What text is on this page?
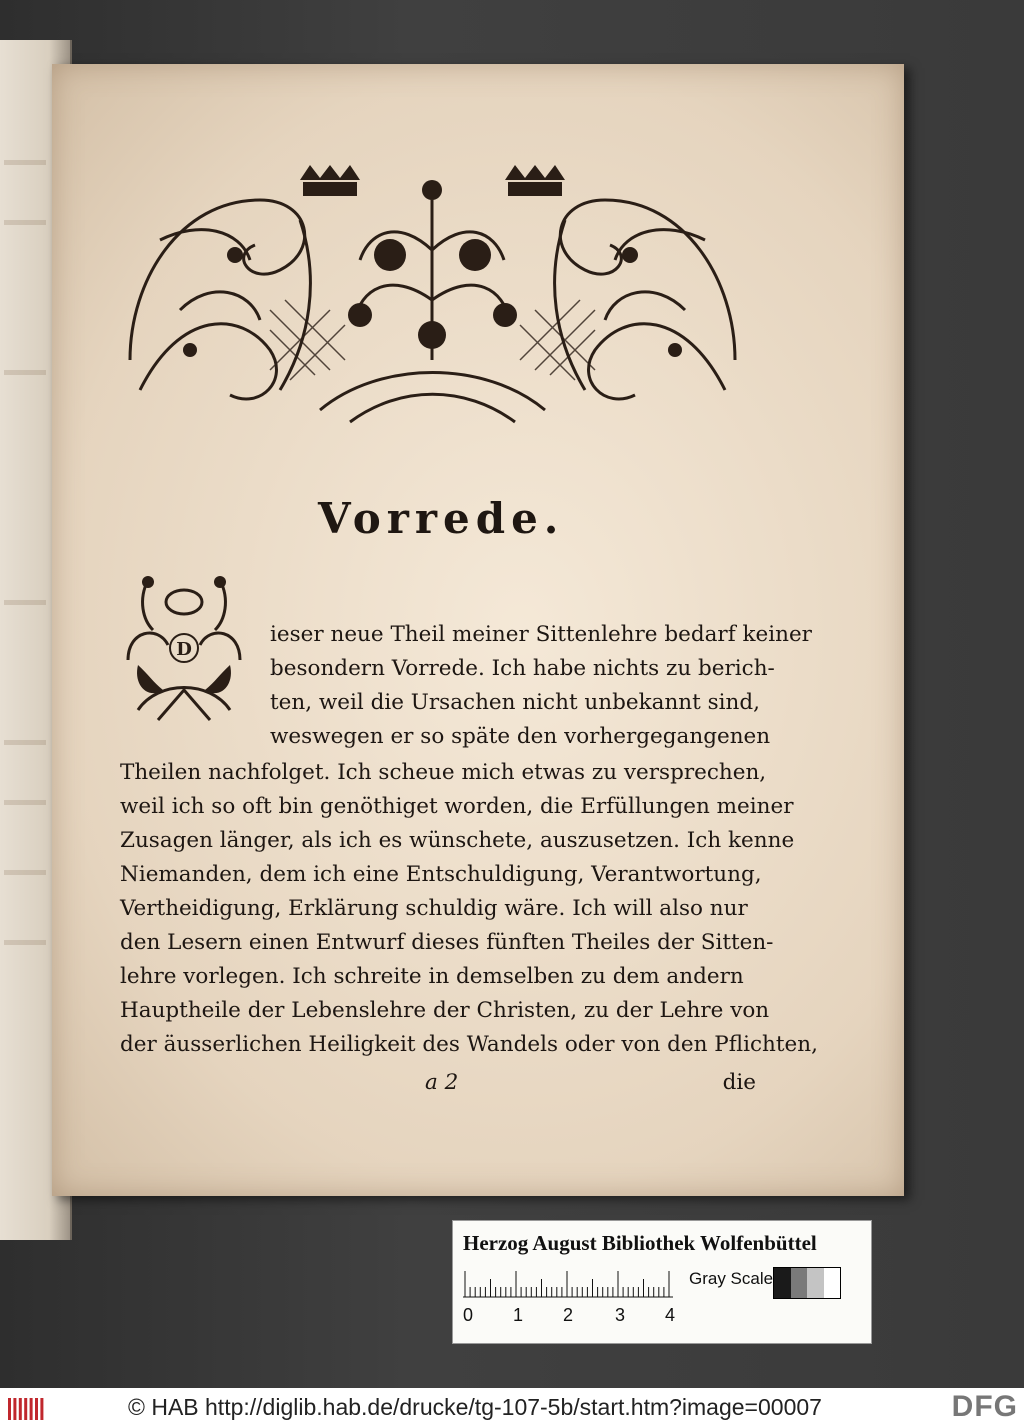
Vorrede.
D
ieser neue Theil meiner Sittenlehre bedarf keiner
besondern Vorrede. Ich habe nichts zu berich-
ten, weil die Ursachen nicht unbekannt sind,
weswegen er so späte den vorhergegangenen
Theilen nachfolget. Ich scheue mich etwas zu versprechen,
weil ich so oft bin genöthiget worden, die Erfüllungen meiner
Zusagen länger, als ich es wünschete, auszusetzen. Ich kenne
Niemanden, dem ich eine Entschuldigung, Verantwortung,
Vertheidigung, Erklärung schuldig wäre. Ich will also nur
den Lesern einen Entwurf dieses fünften Theiles der Sitten-
lehre vorlegen. Ich schreite in demselben zu dem andern
Hauptheile der Lebenslehre der Christen, zu der Lehre von
der äusserlichen Heiligkeit des Wandels oder von den Pflichten,
a 2	die
Herzog August Bibliothek Wolfenbüttel
Gray Scale
0 1 2 3 4
© HAB http://diglib.hab.de/drucke/tg-107-5b/start.htm?image=00007	DFG
